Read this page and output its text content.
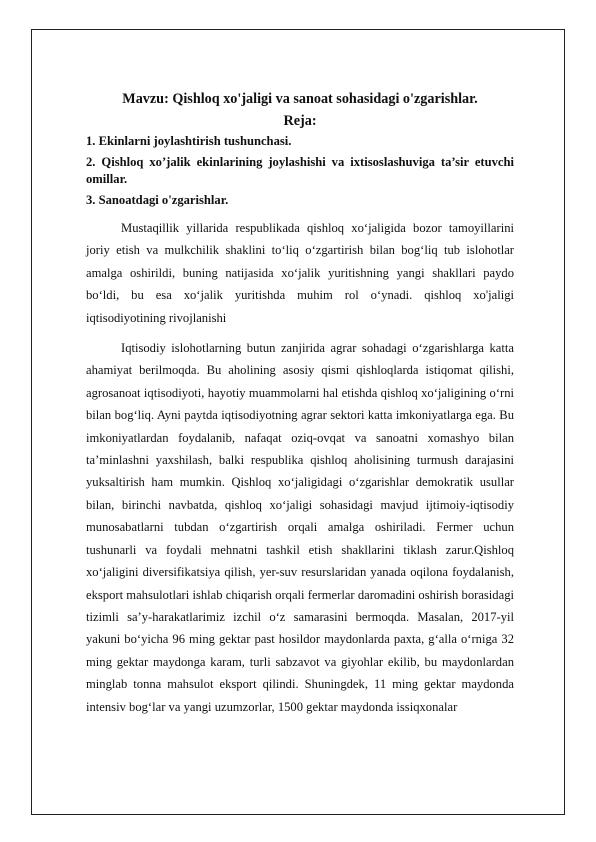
Mavzu: Qishloq xo'jaligi va sanoat sohasidagi o'zgarishlar.

Reja:

1. Ekinlarni joylashtirish tushunchasi.

2. Qishloq xo’jalik ekinlarining joylashishi va ixtisoslashuviga ta’sir etuvchi omillar.

3. Sanoatdagi o'zgarishlar.

Mustaqillik yillarida respublikada qishloq xo‘jaligida bozor tamoyillarini joriy etish va mulkchilik shaklini to‘liq o‘zgartirish bilan bog‘liq tub islohotlar amalga oshirildi, buning natijasida xo‘jalik yuritishning yangi shakllari paydo bo‘ldi, bu esa xo‘jalik yuritishda muhim rol o‘ynadi. qishloq xo'jaligi iqtisodiyotining rivojlanishi

Iqtisodiy islohotlarning butun zanjirida agrar sohadagi o‘zgarishlarga katta ahamiyat berilmoqda. Bu aholining asosiy qismi qishloqlarda istiqomat qilishi, agrosanoat iqtisodiyoti, hayotiy muammolarni hal etishda qishloq xo‘jaligining o‘rni bilan bog‘liq. Ayni paytda iqtisodiyotning agrar sektori katta imkoniyatlarga ega. Bu imkoniyatlardan foydalanib, nafaqat oziq-ovqat va sanoatni xomashyo bilan ta’minlashni yaxshilash, balki respublika qishloq aholisining turmush darajasini yuksaltirish ham mumkin. Qishloq xo‘jaligidagi o‘zgarishlar demokratik usullar bilan, birinchi navbatda, qishloq xo‘jaligi sohasidagi mavjud ijtimoiy-iqtisodiy munosabatlarni tubdan o‘zgartirish orqali amalga oshiriladi. Fermer uchun tushunarli va foydali mehnatni tashkil etish shakllarini tiklash zarur.Qishloq xo‘jaligini diversifikatsiya qilish, yer-suv resurslaridan yanada oqilona foydalanish, eksport mahsulotlari ishlab chiqarish orqali fermerlar daromadini oshirish borasidagi tizimli sa’y-harakatlarimiz izchil o‘z samarasini bermoqda. Masalan, 2017-yil yakuni bo‘yicha 96 ming gektar past hosildor maydonlarda paxta, g‘alla o‘rniga 32 ming gektar maydonga karam, turli sabzavot va giyohlar ekilib, bu maydonlardan minglab tonna mahsulot eksport qilindi. Shuningdek, 11 ming gektar maydonda intensiv bog‘lar va yangi uzumzorlar, 1500 gektar maydonda issiqxonalar
